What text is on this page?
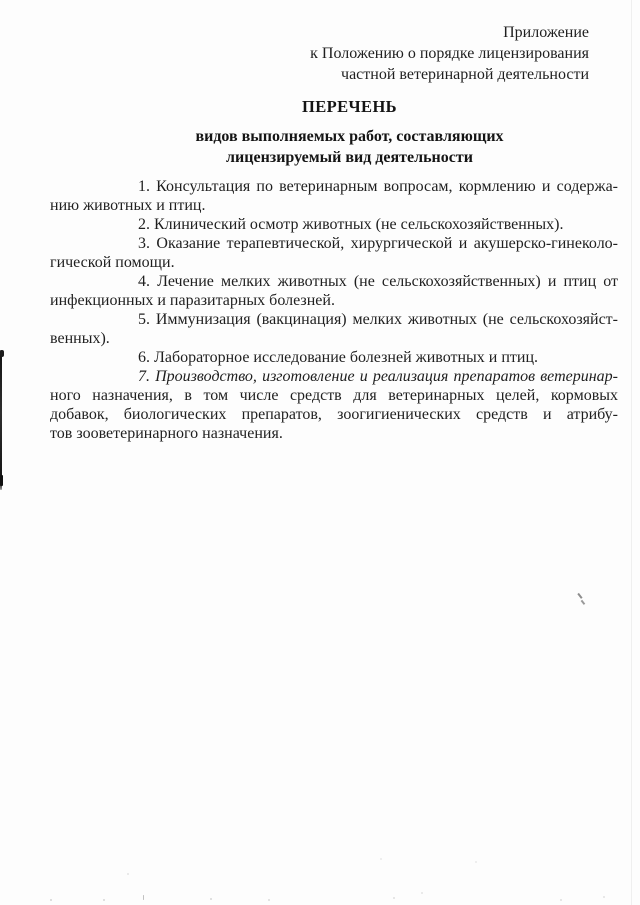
Приложение
к Положению о порядке лицензирования
частной ветеринарной деятельности
ПЕРЕЧЕНЬ
видов выполняемых работ, составляющих
лицензируемый вид деятельности
1. Консультация по ветеринарным вопросам, кормлению и содержа-
нию животных и птиц.
2. Клинический осмотр животных (не сельскохозяйственных).
3. Оказание терапевтической, хирургической и акушерско-гинеколо-
гической помощи.
4. Лечение мелких животных (не сельскохозяйственных) и птиц от
инфекционных и паразитарных болезней.
5. Иммунизация (вакцинация) мелких животных (не сельскохозяйст-
венных).
6. Лабораторное исследование болезней животных и птиц.
7. Производство, изготовление и реализация препаратов ветеринар-
ного назначения, в том числе средств для ветеринарных целей, кормовых
добавок, биологических препаратов, зоогигиенических средств и атрибу-
тов зооветеринарного назначения.
